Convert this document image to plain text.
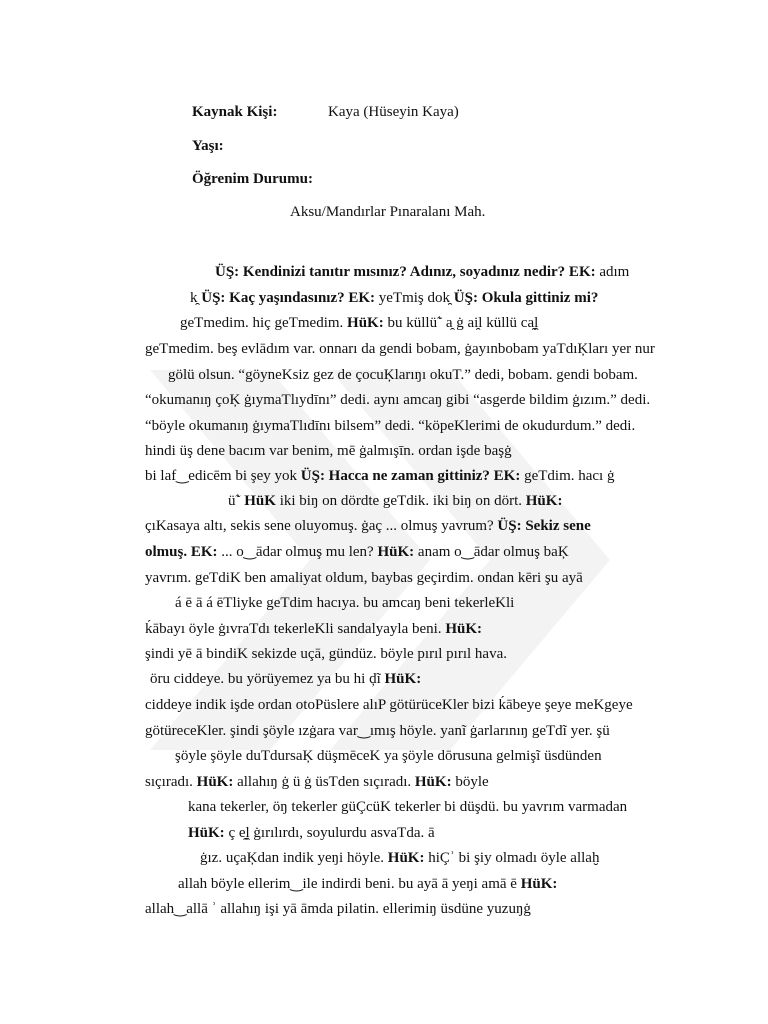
Kaynak Kişi:	Kaya (Hüseyin Kaya)
Yaşı:
Öğrenim Durumu:
Aksu/Mandırlar Pınaralanı Mah.
ÜŞ: Kendinizi tanıtır mısınız? Adınız, soyadınız nedir? EK: adım
k̯ ÜŞ: Kaç yaşındasınız? EK: yeTmiş dok̯ ÜŞ: Okula gittiniz mi?
geTmedim. hiç geTmedim. HüK: bu küllü̃ʾ a̯ ġ ai̯l küllü ca̯ḽ
geTmedim. beş evlādım var. onnarı da gendi bobam, ġayınbobam yaTdıĶları yer nur
gölü olsun. “göyneKsiz gez de çocuĶlarıŋı okuT.” dedi, bobam. gendi bobam.
“okumanıŋ çoĶ ġıymaTlıydīnı” dedi. aynı amcaŋ gibi “asgerde bildim ġızım.” dedi.
“böyle okumanıŋ ġıymaTlıdīnı bilsem” dedi. “köpeKlerimi de okudurdum.” dedi.
hindi üş dene bacım var benim, mē ġalmışīn. ordan işde başġ
bi laf‿edicēm bi şey yok ÜŞ: Hacca ne zaman gittiniz? EK: geTdim. hacı ġ
ü̃ʾ HüK iki biŋ on dördte geTdik. iki biŋ on dört. HüK:
çıKasaya altı, sekis sene oluyomuş. ġaç ... olmuş yavrum? ÜŞ: Sekiz sene
olmuş. EK: ... o‿ādar olmuş mu len? HüK: anam o‿ādar olmuş baĶ
yavrım. geTdiK ben amaliyat oldum, baybas geçirdim. ondan kēri şu ayā
á ē ā á ēTliyke geTdim hacıya. bu amcaŋ beni tekerleKli
ḱābayı öyle ġıvraTdı tekerleKli sandalyayla beni. HüK:
şindi yē ā bindiK sekizde uçā, gündüz. böyle pırıl pırıl hava.
öru ciddeye. bu yörüyemez ya bu hi ḑĩ HüK:
ciddeye indik işde ordan otoPüslere alıP götürücеKler bizi ḱābeye şeye meKgeye
götüreceKler. şindi şöyle ızġara var‿ımış höyle. yanĩ ġarlarınıŋ geTdĩ yer. şü
şöyle şöyle duTdursaĶ düşmēceK ya şöyle dōrusuna gelmişĩ üsdünden
sıçıradı. HüK: allahıŋ ġ ü ġ üsTden sıçıradı. HüK: böyle
kana tekerler, öŋ tekerler güÇcüK tekerler bi düşdü. bu yavrım varmadan
HüK: ç e̯ḽ ġırılırdı, soyulurdu asvaTda. ā
ġız. uçaĶdan indik yeŋi höyle. HüK: hiÇʾ bi şiy olmadı öyle allaḫ
allah böyle ellerim‿ile indirdi beni. bu ayā ā yeŋi amā ē HüK:
allah‿allā ʾ allahıŋ işi yā āmda pilatin. ellerimiŋ üsdüne yuzuŋġ
